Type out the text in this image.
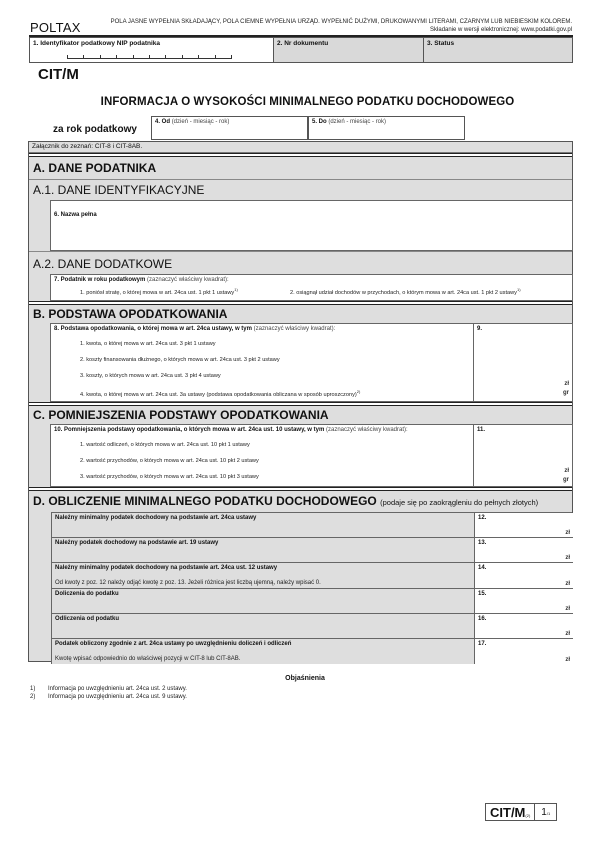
POLTAX	POLA JASNE WYPEŁNIA SKŁADAJĄCY, POLA CIEMNE WYPEŁNIA URZĄD. WYPEŁNIĆ DUŻYMI, DRUKOWANYMI LITERAMI, CZARNYM LUB NIEBIESKIM KOLOREM.
Składanie w wersji elektronicznej: www.podatki.gov.pl
1. Identyfikator podatkowy NIP podatnika	2. Nr dokumentu	3. Status
CIT/M
INFORMACJA O WYSOKOŚCI MINIMALNEGO PODATKU DOCHODOWEGO
za rok podatkowy
4. Od (dzień - miesiąc - rok)	5. Do (dzień - miesiąc - rok)
Załącznik do zeznań: CIT-8 i CIT-8AB.
A. DANE PODATNIKA
A.1. DANE IDENTYFIKACYJNE
6. Nazwa pełna
A.2. DANE DODATKOWE
7. Podatnik w roku podatkowym (zaznaczyć właściwy kwadrat):
1. poniósł stratę, o której mowa w art. 24ca ust. 1 pkt 1 ustawy$^{1)}$
2. osiągnął udział dochodów w przychodach, o którym mowa w art. 24ca ust. 1 pkt 2 ustawy$^{1)}$
B. PODSTAWA OPODATKOWANIA
8. Podstawa opodatkowania, o której mowa w art. 24ca ustawy, w tym (zaznaczyć właściwy kwadrat):
1. kwota, o której mowa w art. 24ca ust. 3 pkt 1 ustawy
2. koszty finansowania dłużnego, o których mowa w art. 24ca ust. 3 pkt 2 ustawy
3. koszty, o których mowa w art. 24ca ust. 3 pkt 4 ustawy
4. kwota, o której mowa w art. 24ca ust. 3a ustawy (podstawa opodatkowania obliczana w sposób uproszczony)$^{2)}$
9.
zł
gr
C. POMNIEJSZENIA PODSTAWY OPODATKOWANIA
10. Pomniejszenia podstawy opodatkowania, o których mowa w art. 24ca ust. 10 ustawy, w tym (zaznaczyć właściwy kwadrat):
1. wartość odliczeń, o których mowa w art. 24ca ust. 10 pkt 1 ustawy
2. wartość przychodów, o których mowa w art. 24ca ust. 10 pkt 2 ustawy
3. wartość przychodów, o których mowa w art. 24ca ust. 10 pkt 3 ustawy
11.
zł
gr
D. OBLICZENIE MINIMALNEGO PODATKU DOCHODOWEGO (podaje się po zaokrągleniu do pełnych złotych)
Należny minimalny podatek dochodowy na podstawie art. 24ca ustawy	12.
zł
Należny podatek dochodowy na podstawie art. 19 ustawy	13.
zł
Należny minimalny podatek dochodowy na podstawie art. 24ca ust. 12 ustawy
Od kwoty z poz. 12 należy odjąć kwotę z poz. 13. Jeżeli różnica jest liczbą ujemną, należy wpisać 0.
14.
zł
Doliczenia do podatku	15.
zł
Odliczenia od podatku	16.
zł
Podatek obliczony zgodnie z art. 24ca ustawy po uwzględnieniu doliczeń i odliczeń
Kwotę wpisać odpowiednio do właściwej pozycji w CIT-8 lub CIT-8AB.
17.
zł
Objaśnienia
1) Informacja po uwzględnieniu art. 24ca ust. 2 ustawy.
2) Informacja po uwzględnieniu art. 24ca ust. 9 ustawy.
CIT/M(2)	1/1
